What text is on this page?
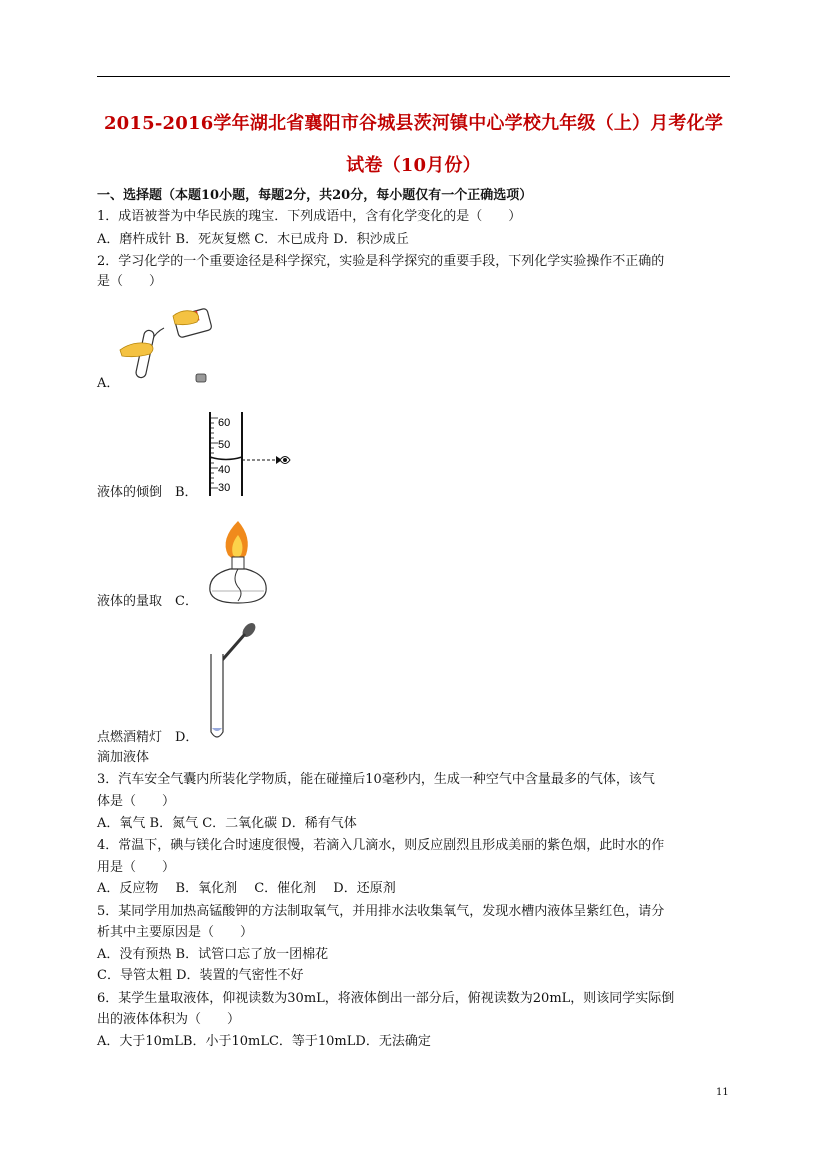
2015-2016学年湖北省襄阳市谷城县茨河镇中心学校九年级（上）月考化学
试卷（10月份）
一、选择题（本题10小题，每题2分，共20分，每小题仅有一个正确选项）
1．成语被誉为中华民族的瑰宝．下列成语中，含有化学变化的是（　　）
A．磨杵成针 B．死灰复燃 C．木已成舟 D．积沙成丘
2．学习化学的一个重要途径是科学探究，实验是科学探究的重要手段，下列化学实验操作不正确的
是（　　）
A．
60
50
40
30
液体的倾倒　B．
液体的量取　C．
点燃酒精灯　D．
滴加液体
3．汽车安全气囊内所装化学物质，能在碰撞后10毫秒内，生成一种空气中含量最多的气体，该气
体是（　　）
A．氧气 B．氮气 C．二氧化碳 D．稀有气体
4．常温下，碘与镁化合时速度很慢，若滴入几滴水，则反应剧烈且形成美丽的紫色烟，此时水的作
用是（　　）
A．反应物　 B．氧化剂　 C．催化剂　 D．还原剂
5．某同学用加热高锰酸钾的方法制取氧气，并用排水法收集氧气，发现水槽内液体呈紫红色，请分
析其中主要原因是（　　）
A．没有预热 B．试管口忘了放一团棉花
C．导管太粗 D．装置的气密性不好
6．某学生量取液体，仰视读数为30mL，将液体倒出一部分后，俯视读数为20mL，则该同学实际倒
出的液体体积为（　　）
A．大于10mLB．小于10mLC．等于10mLD．无法确定
11
